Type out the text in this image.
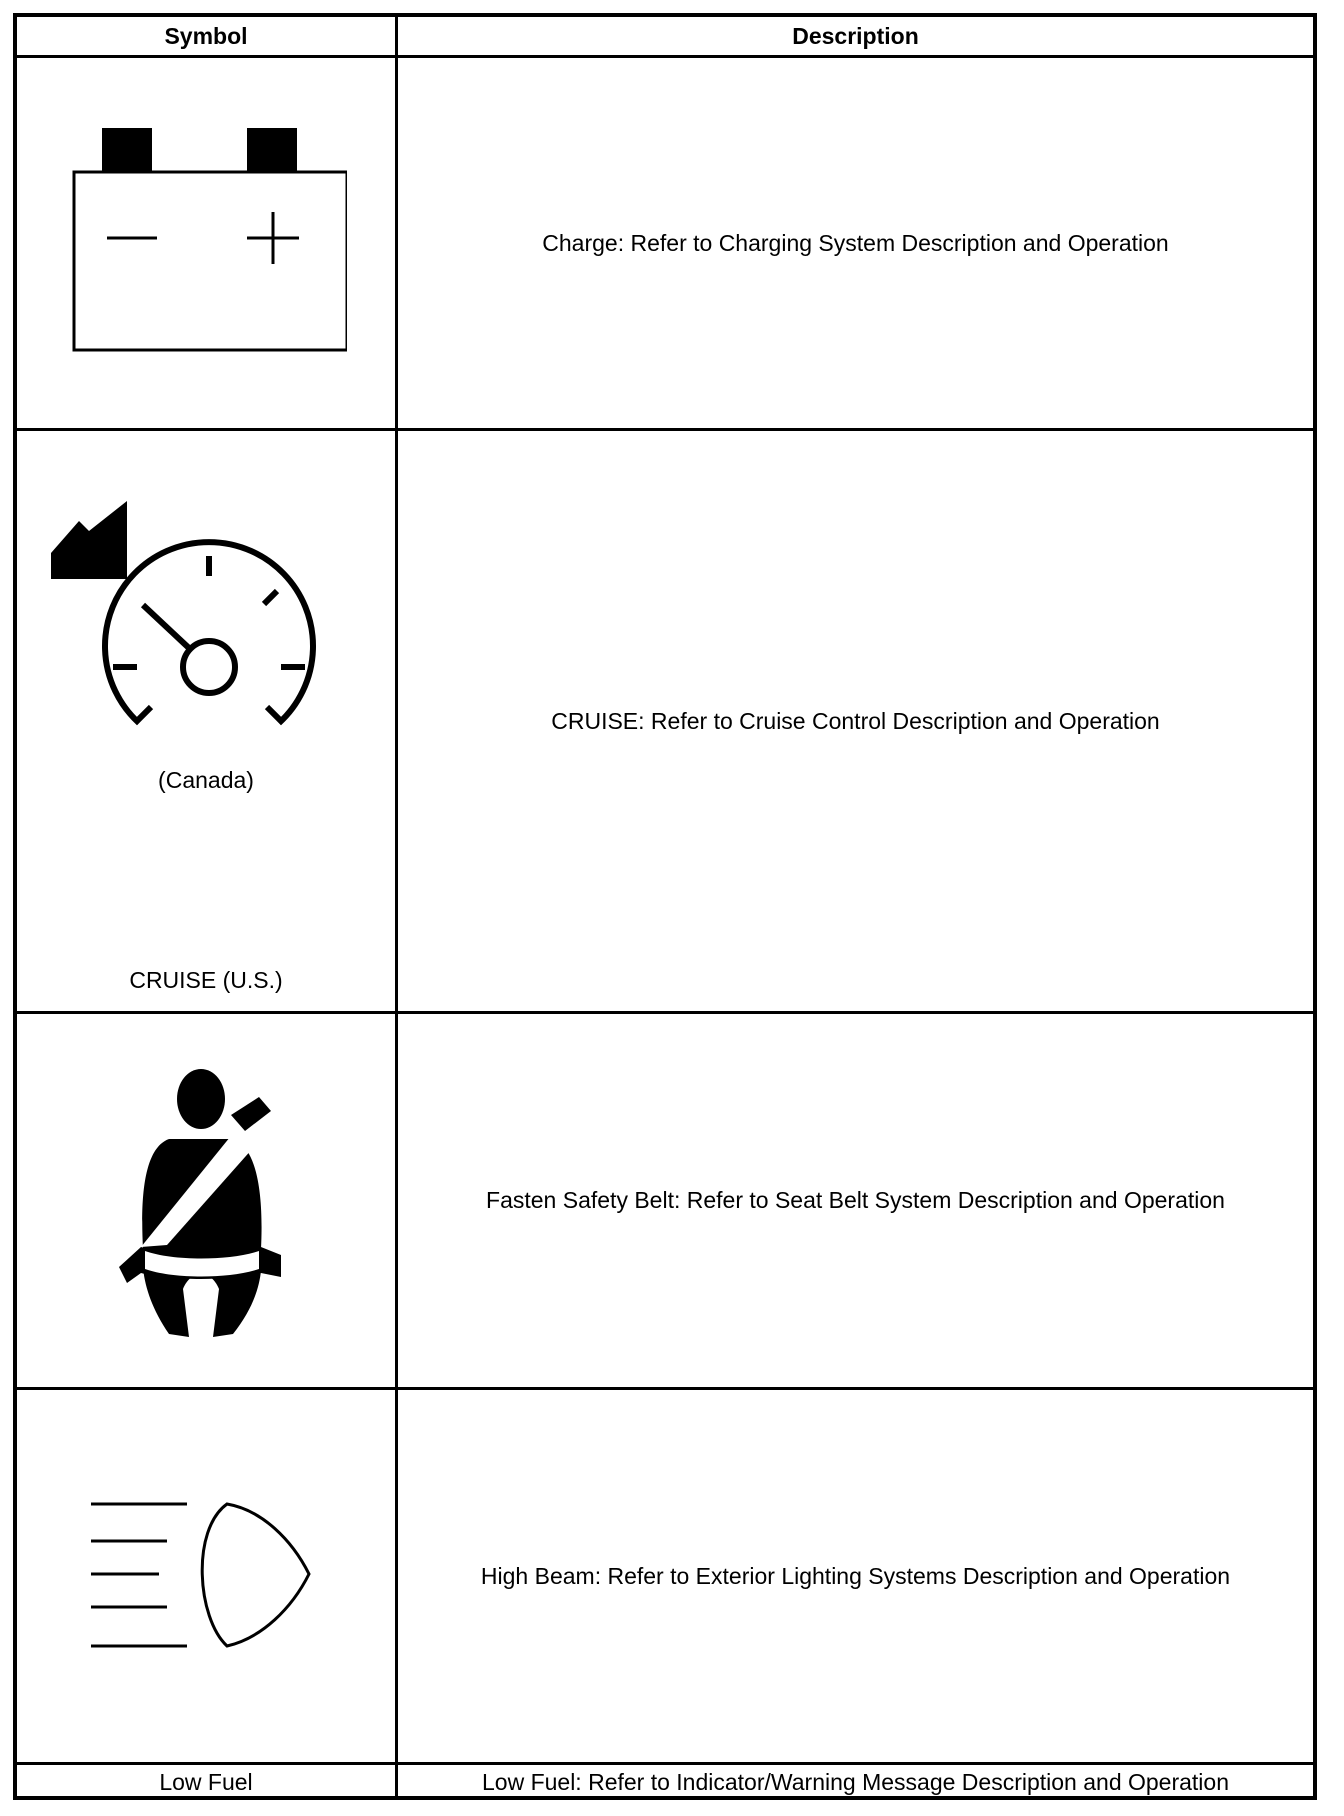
Symbol	Description
Charge: Refer to Charging System Description and Operation
(Canada)
CRUISE (U.S.)
CRUISE: Refer to Cruise Control Description and Operation
Fasten Safety Belt: Refer to Seat Belt System Description and Operation
High Beam: Refer to Exterior Lighting Systems Description and Operation
Low Fuel	Low Fuel: Refer to Indicator/Warning Message Description and Operation
